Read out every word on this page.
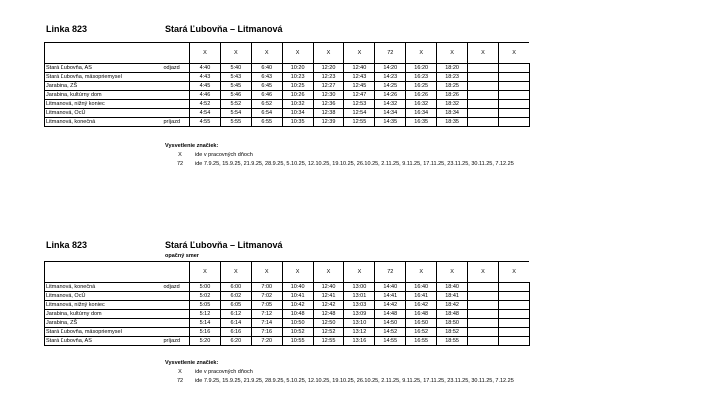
Linka 823	Stará Ľubovňa – Litmanová
		X	X	X	X	X	X	72	X	X	X	X
Stará Ľubovňa, AS	odjazd	4:40	5:40	6:40	10:20	12:20	12:40	14:20	16:20	18:20		
Stará Ľubovňa, mäsopriemysel		4:43	5:43	6:43	10:23	12:23	12:43	14:23	16:23	18:23		
Jarabina, ZŠ		4:45	5:45	6:45	10:25	12:27	12:45	14:25	16:25	18:25		
Jarabina, kultúrny dom		4:46	5:46	6:46	10:26	12:30	12:47	14:26	16:26	18:26		
Litmanová, nižný koniec		4:52	5:52	6:52	10:32	12:36	12:53	14:32	16:32	18:32		
Litmanová, OcÚ		4:54	5:54	6:54	10:34	12:38	12:54	14:34	16:34	18:34		
Litmanová, konečná	príjazd	4:55	5:55	6:55	10:35	12:39	12:55	14:35	16:35	18:35		
Vysvetlenie značiek:
X	ide v pracovných dňoch
72	ide 7.9.25, 15.9.25, 21.9.25, 28.9.25, 5.10.25, 12.10.25, 19.10.25, 26.10.25, 2.11.25, 9.11.25, 17.11.25, 23.11.25, 30.11.25, 7.12.25
Linka 823	Stará Ľubovňa – Litmanová
opačný smer
		X	X	X	X	X	X	72	X	X	X	X
Litmanová, konečná	odjazd	5:00	6:00	7:00	10:40	12:40	13:00	14:40	16:40	18:40		
Litmanová, OcÚ		5:02	6:02	7:02	10:41	12:41	13:01	14:41	16:41	18:41		
Litmanová, nižný koniec		5:05	6:05	7:05	10:42	12:42	13:03	14:42	16:42	18:42		
Jarabina, kultúrny dom		5:12	6:12	7:12	10:48	12:48	13:09	14:48	16:48	18:48		
Jarabina, ZŠ		5:14	6:14	7:14	10:50	12:50	13:10	14:50	16:50	18:50		
Stará Ľubovňa, mäsopriemysel		5:16	6:16	7:16	10:52	12:52	13:12	14:52	16:52	18:52		
Stará Ľubovňa, AS	príjazd	5:20	6:20	7:20	10:55	12:55	13:16	14:55	16:55	18:55		
Vysvetlenie značiek:
X	ide v pracovných dňoch
72	ide 7.9.25, 15.9.25, 21.9.25, 28.9.25, 5.10.25, 12.10.25, 19.10.25, 26.10.25, 2.11.25, 9.11.25, 17.11.25, 23.11.25, 30.11.25, 7.12.25
